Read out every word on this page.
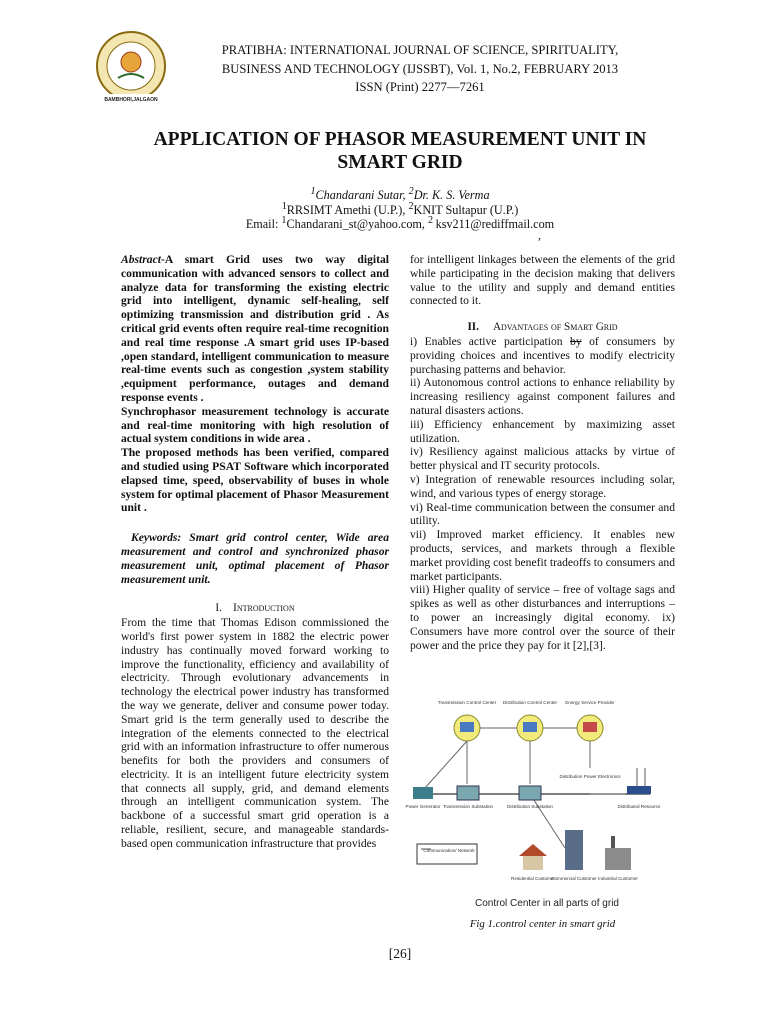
BAMBHORI,JALGAON
PRATIBHA: INTERNATIONAL JOURNAL OF SCIENCE, SPIRITUALITY,
BUSINESS AND TECHNOLOGY (IJSSBT), Vol. 1, No.2, FEBRUARY 2013
ISSN (Print) 2277—7261
APPLICATION OF PHASOR MEASUREMENT UNIT IN
SMART GRID
$^1$Chandarani Sutar, $^2$Dr. K. S. Verma
$^1$RRSIMT Amethi (U.P.), $^2$KNIT Sultapur (U.P.)
Email: $^1$Chandarani_st@yahoo.com, $^2$ ksv211@rediffmail.com
,

Abstract-A smart Grid uses two way digital communication with advanced sensors to collect and analyze data for transforming the existing electric grid into intelligent, dynamic self-healing, self optimizing transmission and distribution grid . As critical grid events often require real-time recognition and real time response .A smart grid uses IP-based ,open standard, intelligent communication to measure real-time events such as congestion ,system stability ,equipment performance, outages and demand response events .

Synchrophasor measurement technology is accurate and real-time monitoring with high resolution of actual system conditions in wide area .

The proposed methods has been verified, compared and studied using PSAT Software which incorporated elapsed time, speed, observability of buses in whole system for optimal placement of Phasor Measurement unit .

Keywords: Smart grid control center, Wide area measurement and control and synchronized phasor measurement unit, optimal placement of Phasor measurement unit.

I. Introduction

From the time that Thomas Edison commissioned the world's first power system in 1882 the electric power industry has continually moved forward working to improve the functionality, efficiency and availability of electricity. Through evolutionary advancements in technology the electrical power industry has transformed the way we generate, deliver and consume power today. Smart grid is the term generally used to describe the integration of the elements connected to the electrical grid with an information infrastructure to offer numerous benefits for both the providers and consumers of electricity. It is an intelligent future electricity system that connects all supply, grid, and demand elements through an intelligent communication system. The backbone of a successful smart grid operation is a reliable, resilient, secure, and manageable standards-based open communication infrastructure that provides

for intelligent linkages between the elements of the grid while participating in the decision making that delivers value to the utility and supply and demand entities connected to it.

II. Advantages of Smart Grid

i) Enables active participation by of consumers by providing choices and incentives to modify electricity purchasing patterns and behavior.

ii) Autonomous control actions to enhance reliability by increasing resiliency against component failures and natural disasters actions.

iii) Efficiency enhancement by maximizing asset utilization.

iv) Resiliency against malicious attacks by virtue of better physical and IT security protocols.

v) Integration of renewable resources including solar, wind, and various types of energy storage.

vi) Real-time communication between the consumer and utility.

vii) Improved market efficiency. It enables new products, services, and markets through a flexible market providing cost benefit tradeoffs to consumers and market participants.

viii) Higher quality of service – free of voltage sags and spikes as well as other disturbances and interruptions – to power an increasingly digital economy. ix) Consumers have more control over the source of their power and the price they pay for it [2],[3].

Transmission Control Center Distribution Control Center Energy Service Provider
Distribution Power Electronics
Power Generator Transmission Substation	Distribution Substation	Distributed Resource
Communication/ Network
Residential Customer
Commercial Customer Industrial Customer
Control Center in all parts of grid
Fig 1.control center in smart grid
[26]
